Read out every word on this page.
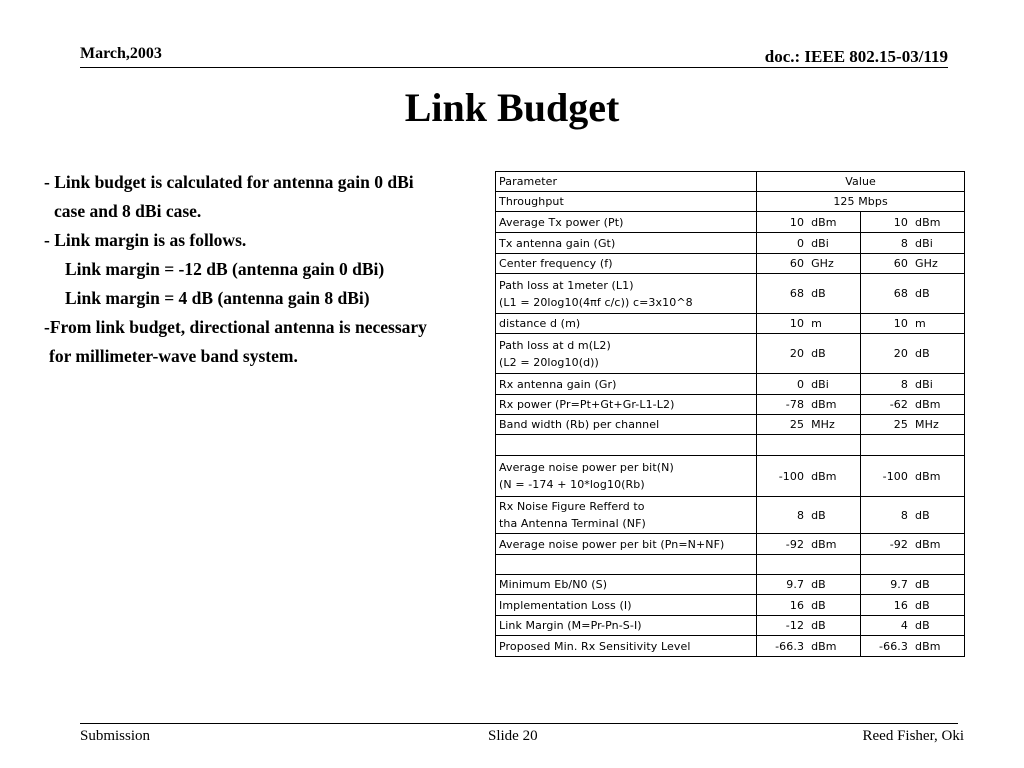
March,2003	doc.: IEEE 802.15-03/119
Link Budget
- Link budget is calculated for antenna gain 0 dBi
case and 8 dBi case.
- Link margin is as follows.
Link margin = -12 dB (antenna gain 0 dBi)
Link margin = 4 dB (antenna gain 8 dBi)
-From link budget, directional antenna is necessary
for millimeter-wave band system.
Parameter	Value	
Throughput	125 Mbps	

Average Tx power (Pt)	10 dBm	10 dBm

Tx antenna gain (Gt)	0 dBi	8 dBi

Center frequency (f)	60 GHz	60 GHz

Path loss at 1meter (L1)
(L1 = 20log10(4πf c/c)) c=3x10^8	68 dB	68 dB

distance d (m)	10 m	10 m

Path loss at d m(L2)
(L2 = 20log10(d))	20 dB	20 dB

Rx antenna gain (Gr)	0 dBi	8 dBi

Rx power (Pr=Pt+Gt+Gr-L1-L2)	-78 dBm	-62 dBm

Band width (Rb) per channel	25 MHz	25 MHz

Average noise power per bit(N)
(N = -174 + 10*log10(Rb)	-100 dBm	-100 dBm

Rx Noise Figure Refferd to
tha Antenna Terminal (NF)	8 dB	8 dB

Average noise power per bit (Pn=N+NF)	-92 dBm	-92 dBm

Minimum Eb/N0 (S)	9.7 dB	9.7 dB

Implementation Loss (I)	16 dB	16 dB

Link Margin (M=Pr-Pn-S-I)	-12 dB	4 dB

Proposed Min. Rx Sensitivity Level	-66.3 dBm	-66.3 dBm
Submission	Slide 20	Reed Fisher, Oki
